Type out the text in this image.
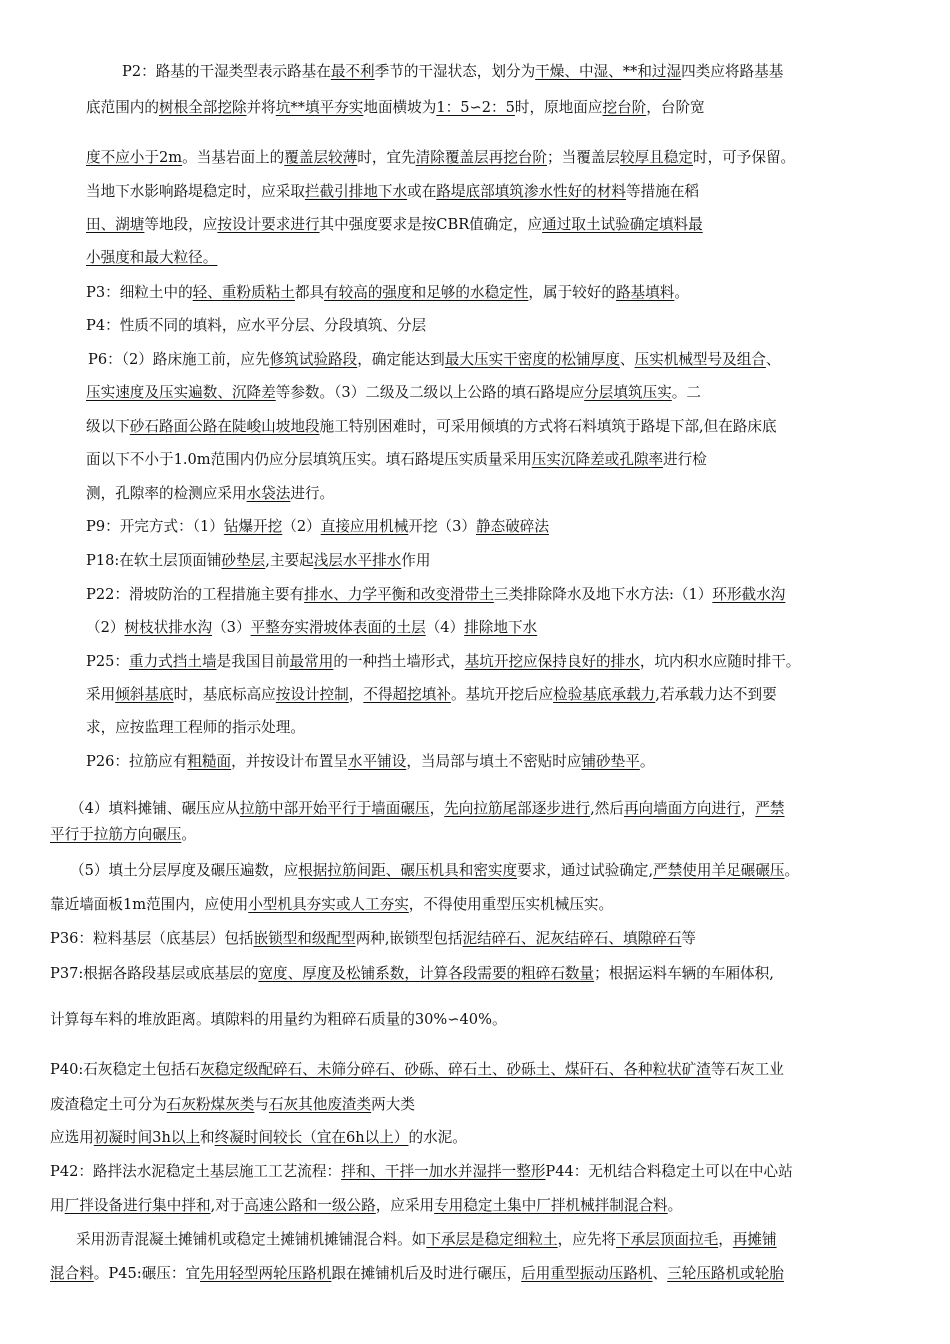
P2：路基的干湿类型表示路基在最不利季节的干湿状态，划分为干燥、中湿、**和过湿四类应将路基基
底范围内的树根全部挖除并将坑**填平夯实地面横坡为1：5∽2：5时，原地面应挖台阶，台阶宽
度不应小于2m。当基岩面上的覆盖层较薄时，宜先清除覆盖层再挖台阶；当覆盖层较厚且稳定时，可予保留。
当地下水影响路堤稳定时，应采取拦截引排地下水或在路堤底部填筑渗水性好的材料等措施在稻
田、湖塘等地段，应按设计要求进行其中强度要求是按CBR值确定，应通过取土试验确定填料最
小强度和最大粒径。
P3：细粒土中的轻、重粉质粘土都具有较高的强度和足够的水稳定性，属于较好的路基填料。
P4：性质不同的填料，应水平分层、分段填筑、分层
P6：（2）路床施工前，应先修筑试验路段，确定能达到最大压实干密度的松铺厚度、压实机械型号及组合、
压实速度及压实遍数、沉降差等参数。（3）二级及二级以上公路的填石路堤应分层填筑压实。二
级以下砂石路面公路在陡峻山坡地段施工特别困难时，可采用倾填的方式将石料填筑于路堤下部,但在路床底
面以下不小于1.0m范围内仍应分层填筑压实。填石路堤压实质量采用压实沉降差或孔隙率进行检
测，孔隙率的检测应采用水袋法进行。
P9：开完方式：（1）钻爆开挖（2）直接应用机械开挖（3）静态破碎法
P18:在软土层顶面铺砂垫层,主要起浅层水平排水作用
P22：滑坡防治的工程措施主要有排水、力学平衡和改变滑带土三类排除降水及地下水方法:（1）环形截水沟
（2）树枝状排水沟（3）平整夯实滑坡体表面的土层（4）排除地下水
P25：重力式挡土墙是我国目前最常用的一种挡土墙形式，基坑开挖应保持良好的排水，坑内积水应随时排干。
采用倾斜基底时，基底标高应按设计控制，不得超挖填补。基坑开挖后应检验基底承载力,若承载力达不到要
求，应按监理工程师的指示处理。
P26：拉筋应有粗糙面，并按设计布置呈水平铺设，当局部与填土不密贴时应铺砂垫平。
（4）填料摊铺、碾压应从拉筋中部开始平行于墙面碾压，先向拉筋尾部逐步进行,然后再向墙面方向进行，严禁
平行于拉筋方向碾压。
（5）填土分层厚度及碾压遍数，应根据拉筋间距、碾压机具和密实度要求，通过试验确定,严禁使用羊足碾碾压。
靠近墙面板1m范围内，应使用小型机具夯实或人工夯实，不得使用重型压实机械压实。
P36：粒料基层（底基层）包括嵌锁型和级配型两种,嵌锁型包括泥结碎石、泥灰结碎石、填隙碎石等
P37:根据各路段基层或底基层的宽度、厚度及松铺系数，计算各段需要的粗碎石数量；根据运料车辆的车厢体积,
计算每车料的堆放距离。填隙料的用量约为粗碎石质量的30%∽40%。
P40:石灰稳定土包括石灰稳定级配碎石、未筛分碎石、砂砾、碎石土、砂砾土、煤矸石、各种粒状矿渣等石灰工业
废渣稳定土可分为石灰粉煤灰类与石灰其他废渣类两大类
应选用初凝时间3h以上和终凝时间较长（宜在6h以上）的水泥。
P42：路拌法水泥稳定土基层施工工艺流程：拌和、干拌一加水并湿拌一整形P44：无机结合料稳定土可以在中心站
用厂拌设备进行集中拌和,对于高速公路和一级公路，应采用专用稳定土集中厂拌机械拌制混合料。
采用沥青混凝土摊铺机或稳定土摊铺机摊铺混合料。如下承层是稳定细粒土，应先将下承层顶面拉毛，再摊铺
混合料。P45:碾压：宜先用轻型两轮压路机跟在摊铺机后及时进行碾压，后用重型振动压路机、三轮压路机或轮胎
